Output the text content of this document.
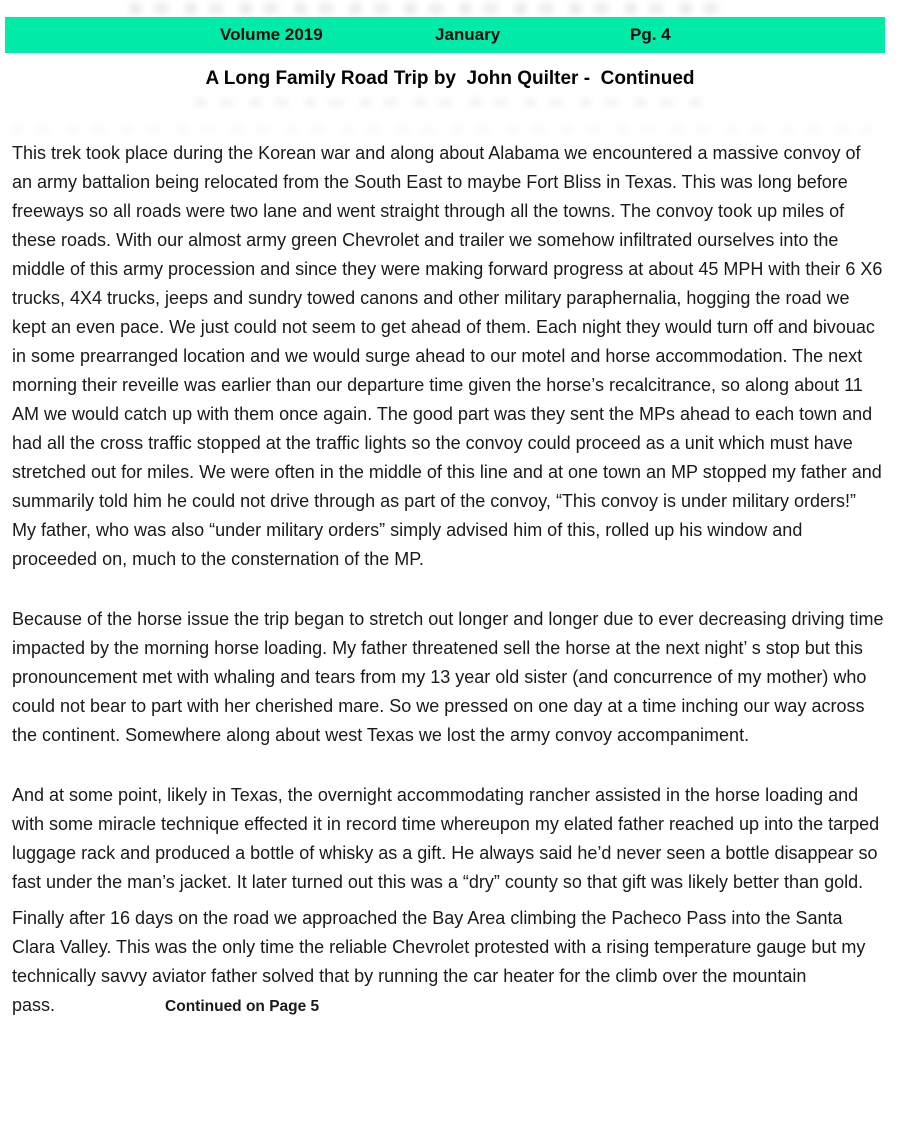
Volume 2019	January	Pg. 4
A Long Family Road Trip by  John Quilter -  Continued

This trek took place during the Korean war and along about Alabama we encountered a massive convoy of an army battalion being relocated from the South East to maybe Fort Bliss in Texas. This was long before freeways so all roads were two lane and went straight through all the towns. The convoy took up miles of these roads. With our almost army green Chevrolet and trailer we somehow infiltrated ourselves into the middle of this army procession and since they were making forward progress at about 45 MPH with their 6 X6 trucks, 4X4 trucks, jeeps and sundry towed canons and other military paraphernalia, hogging the road we kept an even pace. We just could not seem to get ahead of them. Each night they would turn off and bivouac in some prearranged location and we would surge ahead to our motel and horse accommodation. The next morning their reveille was earlier than our departure time given the horse’s recalcitrance, so along about 11 AM we would catch up with them once again. The good part was they sent the MPs ahead to each town and had all the cross traffic stopped at the traffic lights so the convoy could proceed as a unit which must have stretched out for miles. We were often in the middle of this line and at one town an MP stopped my father and summarily told him he could not drive through as part of the convoy, “This convoy is under military orders!” My father, who was also “under military orders” simply advised him of this, rolled up his window and proceeded on, much to the consternation of the MP.

Because of the horse issue the trip began to stretch out longer and longer due to ever decreasing driving time impacted by the morning horse loading. My father threatened sell the horse at the next night’ s stop but this pronouncement met with whaling and tears from my 13 year old sister (and concurrence of my mother) who could not bear to part with her cherished mare. So we pressed on one day at a time inching our way across the continent. Somewhere along about west Texas we lost the army convoy accompaniment.

And at some point, likely in Texas, the overnight accommodating rancher assisted in the horse loading and with some miracle technique effected it in record time whereupon my elated father reached up into the tarped luggage rack and produced a bottle of whisky as a gift. He always said he’d never seen a bottle disappear so fast under the man’s jacket. It later turned out this was a “dry” county so that gift was likely better than gold.

Finally after 16 days on the road we approached the Bay Area climbing the Pacheco Pass into the Santa Clara Valley. This was the only time the reliable Chevrolet protested with a rising temperature gauge but my technically savvy aviator father solved that by running the car heater for the climb over the mountain pass.	Continued on Page 5
